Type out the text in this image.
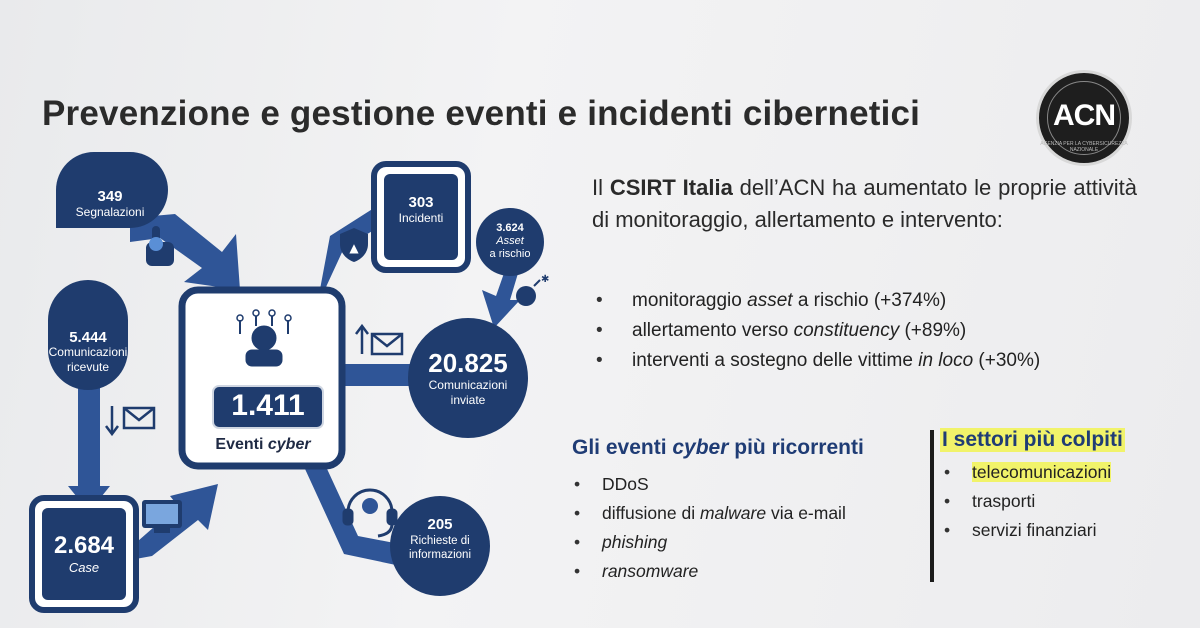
Prevenzione e gestione eventi e incidenti cibernetici	ACN
AGENZIA PER LA CYBERSICUREZZA NAZIONALE
▲
✱
349
Segnalazioni
303
Incidenti
3.624
Asset
a rischio
5.444
Comunicazioni
ricevute	20.825
Comunicazioni
inviate
1.411
Eventi cyber
2.684
Case
205
Richieste di
informazioni
Il CSIRT Italia dell’ACN ha aumentato le proprie attività di monitoraggio, allertamento e intervento:
• monitoraggio asset a rischio (+374%)
• allertamento verso constituency (+89%)
• interventi a sostegno delle vittime in loco (+30%)
Gli eventi cyber più ricorrenti
• DDoS
• diffusione di malware via e-mail
• phishing
• ransomware
I settori più colpiti
• telecomunicazioni
• trasporti
• servizi finanziari
